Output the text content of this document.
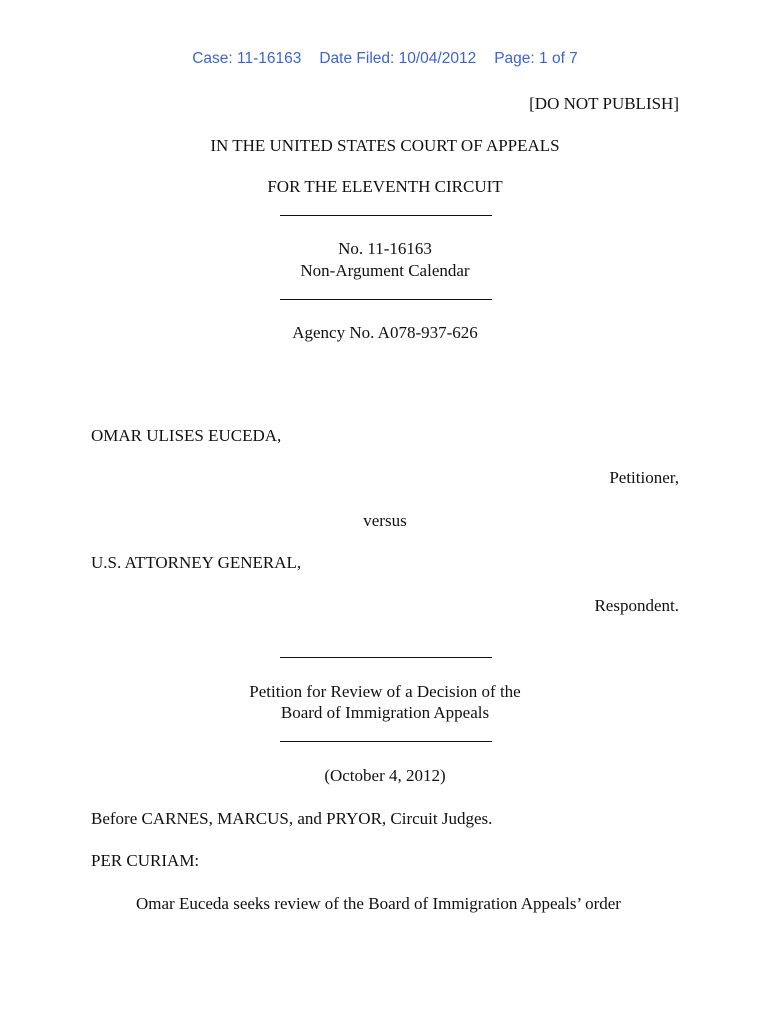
Case: 11-16163 Date Filed: 10/04/2012 Page: 1 of 7
[DO NOT PUBLISH]
IN THE UNITED STATES COURT OF APPEALS
FOR THE ELEVENTH CIRCUIT
No. 11-16163
Non-Argument Calendar
Agency No. A078-937-626
OMAR ULISES EUCEDA,
Petitioner,
versus
U.S. ATTORNEY GENERAL,
Respondent.
Petition for Review of a Decision of the
Board of Immigration Appeals
(October 4, 2012)
Before CARNES, MARCUS, and PRYOR, Circuit Judges.
PER CURIAM:
Omar Euceda seeks review of the Board of Immigration Appeals’ order
